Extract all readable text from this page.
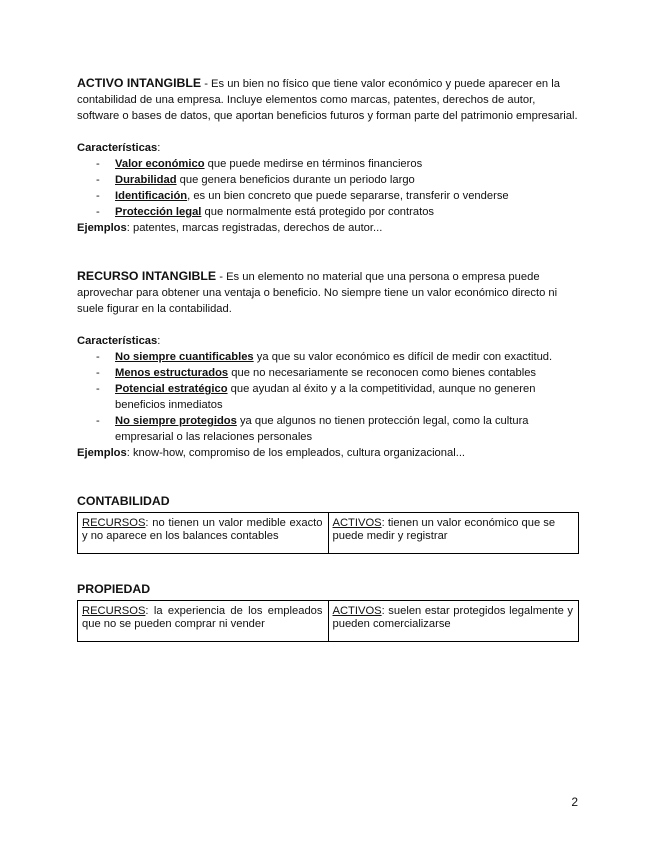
ACTIVO INTANGIBLE - Es un bien no físico que tiene valor económico y puede aparecer en la contabilidad de una empresa. Incluye elementos como marcas, patentes, derechos de autor, software o bases de datos, que aportan beneficios futuros y forman parte del patrimonio empresarial.

Características:

- Valor económico que puede medirse en términos financieros
- Durabilidad que genera beneficios durante un periodo largo
- Identificación, es un bien concreto que puede separarse, transferir o venderse
- Protección legal que normalmente está protegido por contratos

Ejemplos: patentes, marcas registradas, derechos de autor...

RECURSO INTANGIBLE - Es un elemento no material que una persona o empresa puede aprovechar para obtener una ventaja o beneficio. No siempre tiene un valor económico directo ni suele figurar en la contabilidad.

Características:

- No siempre cuantificables ya que su valor económico es difícil de medir con exactitud.
- Menos estructurados que no necesariamente se reconocen como bienes contables
- Potencial estratégico que ayudan al éxito y a la competitividad, aunque no generen beneficios inmediatos
- No siempre protegidos ya que algunos no tienen protección legal, como la cultura empresarial o las relaciones personales

Ejemplos: know-how, compromiso de los empleados, cultura organizacional...

CONTABILIDAD
RECURSOS: no tienen un valor medible exacto y no aparece en los balances contables	ACTIVOS: tienen un valor económico que se puede medir y registrar
PROPIEDAD
RECURSOS: la experiencia de los empleados que no se pueden comprar ni vender	ACTIVOS: suelen estar protegidos legalmente y pueden comercializarse
2
